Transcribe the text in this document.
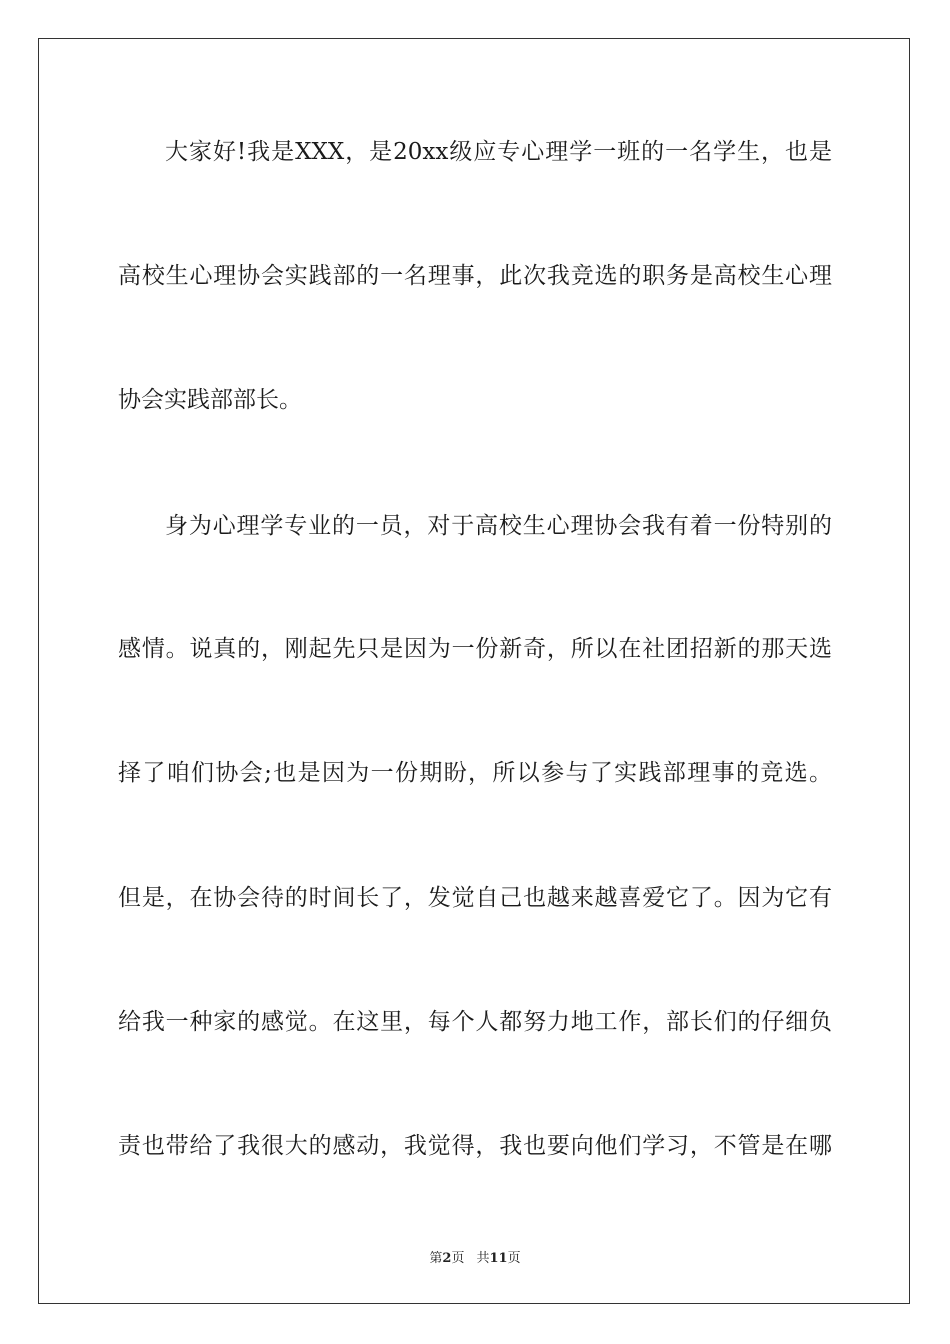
大家好!我是XXX，是20xx级应专心理学一班的一名学生，也是
高校生心理协会实践部的一名理事，此次我竞选的职务是高校生心理
协会实践部部长。
身为心理学专业的一员，对于高校生心理协会我有着一份特别的
感情。说真的，刚起先只是因为一份新奇，所以在社团招新的那天选
择了咱们协会;也是因为一份期盼，所以参与了实践部理事的竞选。
但是，在协会待的时间长了，发觉自己也越来越喜爱它了。因为它有
给我一种家的感觉。在这里，每个人都努力地工作，部长们的仔细负
责也带给了我很大的感动，我觉得，我也要向他们学习，不管是在哪
第2页 共11页
